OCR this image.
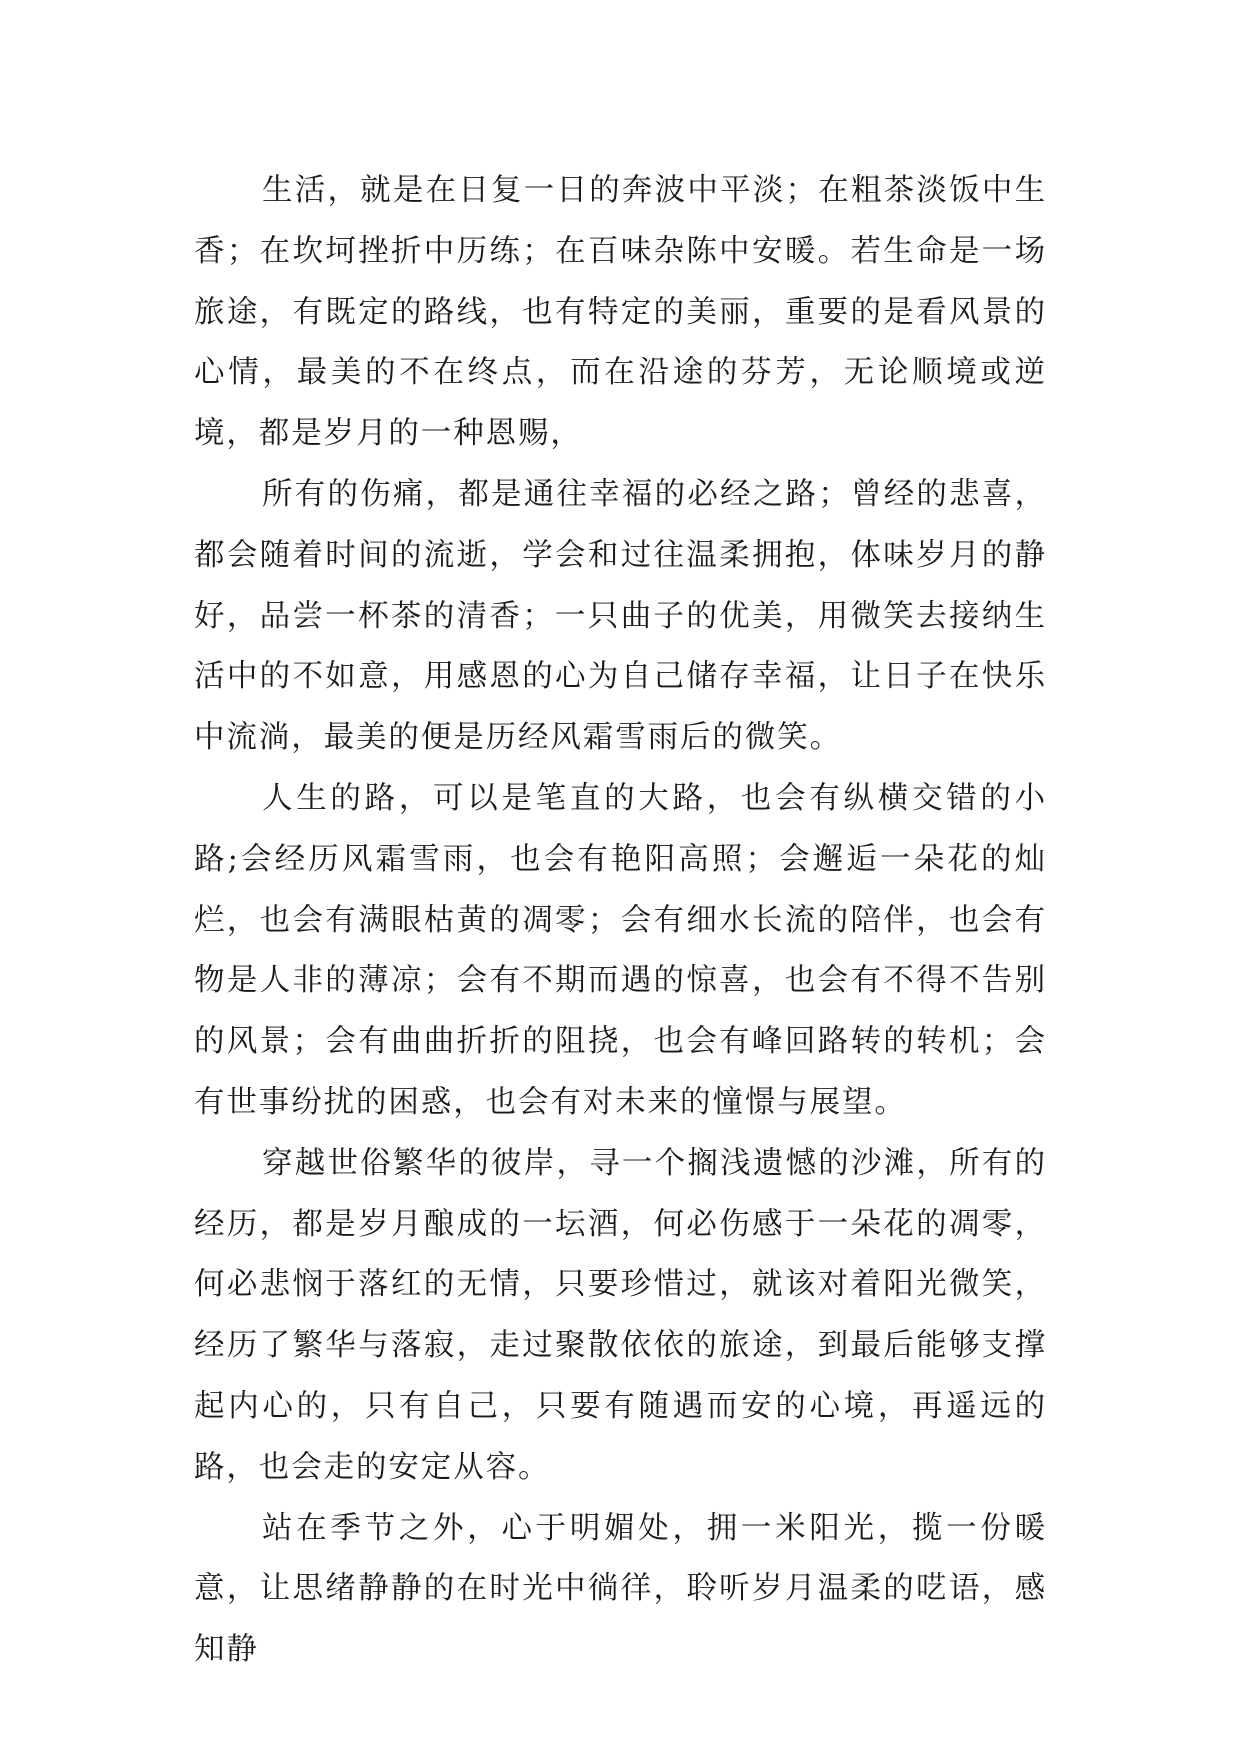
生活，就是在日复一日的奔波中平淡；在粗茶淡饭中生香；在坎坷挫折中历练；在百味杂陈中安暖。若生命是一场旅途，有既定的路线，也有特定的美丽，重要的是看风景的心情，最美的不在终点，而在沿途的芬芳，无论顺境或逆境，都是岁月的一种恩赐，

所有的伤痛，都是通往幸福的必经之路；曾经的悲喜，都会随着时间的流逝，学会和过往温柔拥抱，体味岁月的静好，品尝一杯茶的清香；一只曲子的优美，用微笑去接纳生活中的不如意，用感恩的心为自己储存幸福，让日子在快乐中流淌，最美的便是历经风霜雪雨后的微笑。

人生的路，可以是笔直的大路，也会有纵横交错的小路;会经历风霜雪雨，也会有艳阳高照；会邂逅一朵花的灿烂，也会有满眼枯黄的凋零；会有细水长流的陪伴，也会有物是人非的薄凉；会有不期而遇的惊喜，也会有不得不告别的风景；会有曲曲折折的阻挠，也会有峰回路转的转机；会有世事纷扰的困惑，也会有对未来的憧憬与展望。

穿越世俗繁华的彼岸，寻一个搁浅遗憾的沙滩，所有的经历，都是岁月酿成的一坛酒，何必伤感于一朵花的凋零，何必悲悯于落红的无情，只要珍惜过，就该对着阳光微笑，经历了繁华与落寂，走过聚散依依的旅途，到最后能够支撑起内心的，只有自己，只要有随遇而安的心境，再遥远的路，也会走的安定从容。

站在季节之外，心于明媚处，拥一米阳光，揽一份暖意，让思绪静静的在时光中徜徉，聆听岁月温柔的呓语，感知静
